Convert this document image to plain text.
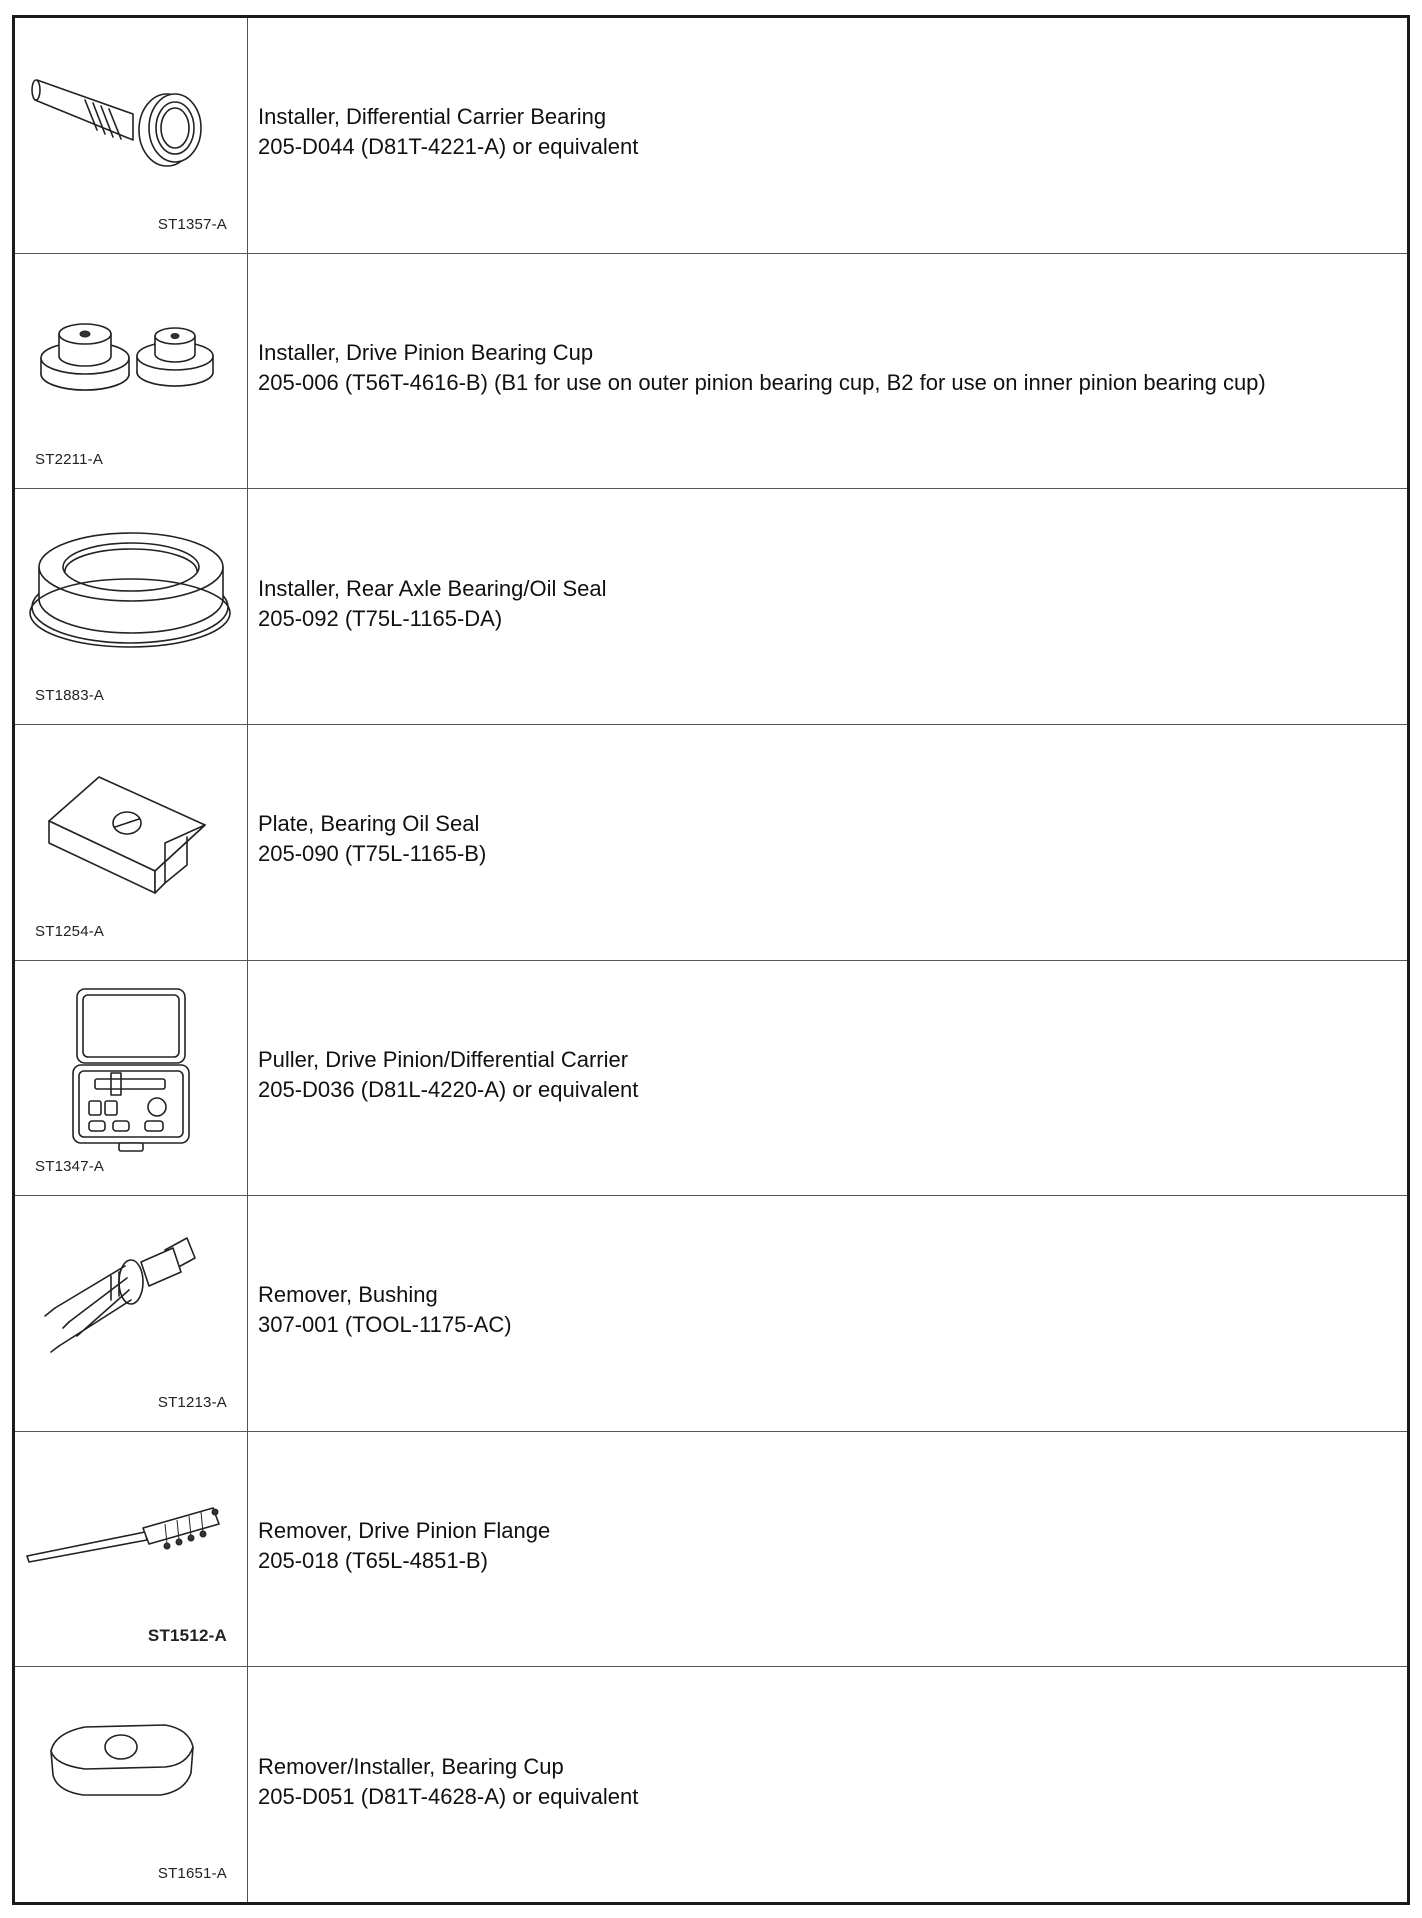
ST1357-A
Installer, Differential Carrier Bearing
205-D044 (D81T-4221-A) or equivalent
ST2211-A
Installer, Drive Pinion Bearing Cup
205-006 (T56T-4616-B) (B1 for use on outer pinion bearing cup, B2 for use on inner pinion bearing cup)
ST1883-A
Installer, Rear Axle Bearing/Oil Seal
205-092 (T75L-1165-DA)
ST1254-A
Plate, Bearing Oil Seal
205-090 (T75L-1165-B)
ST1347-A
Puller, Drive Pinion/Differential Carrier
205-D036 (D81L-4220-A) or equivalent
ST1213-A
Remover, Bushing
307-001 (TOOL-1175-AC)
ST1512-A
Remover, Drive Pinion Flange
205-018 (T65L-4851-B)
ST1651-A
Remover/Installer, Bearing Cup
205-D051 (D81T-4628-A) or equivalent
